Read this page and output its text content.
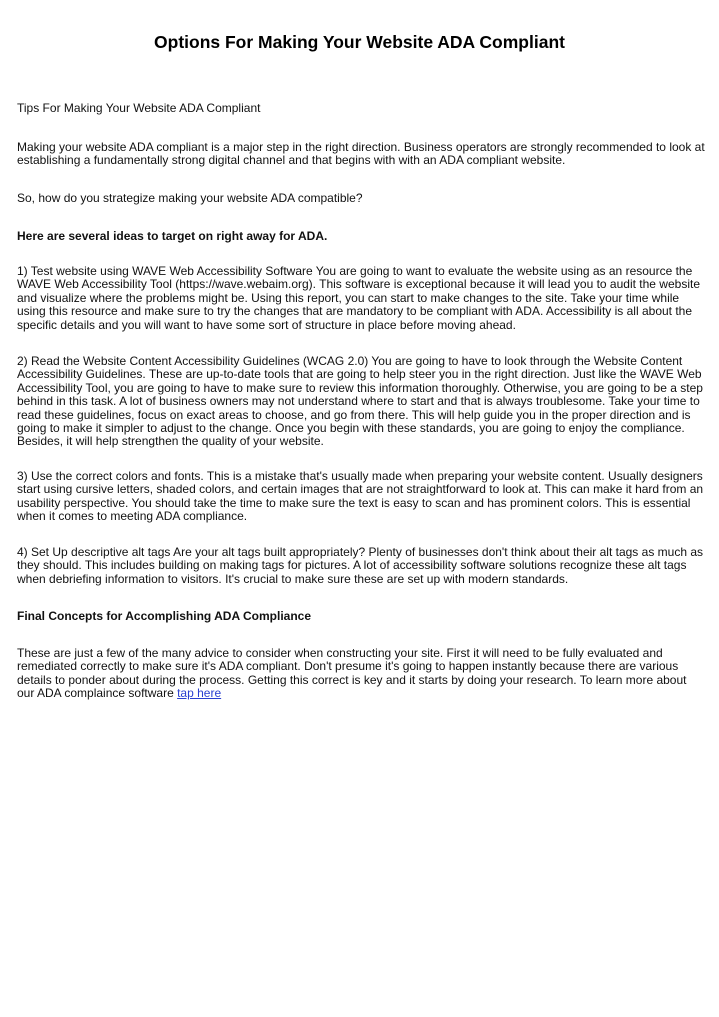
Options For Making Your Website ADA Compliant

Tips For Making Your Website ADA Compliant

Making your website ADA compliant is a major step in the right direction. Business operators are strongly recommended to look at establishing a fundamentally strong digital channel and that begins with with an ADA compliant website.

So, how do you strategize making your website ADA compatible?

Here are several ideas to target on right away for ADA.

1) Test website using WAVE Web Accessibility Software You are going to want to evaluate the website using as an resource the WAVE Web Accessibility Tool (https://wave.webaim.org). This software is exceptional because it will lead you to audit the website and visualize where the problems might be. Using this report, you can start to make changes to the site. Take your time while using this resource and make sure to try the changes that are mandatory to be compliant with ADA. Accessibility is all about the specific details and you will want to have some sort of structure in place before moving ahead.

2) Read the Website Content Accessibility Guidelines (WCAG 2.0) You are going to have to look through the Website Content Accessibility Guidelines. These are up-to-date tools that are going to help steer you in the right direction. Just like the WAVE Web Accessibility Tool, you are going to have to make sure to review this information thoroughly. Otherwise, you are going to be a step behind in this task. A lot of business owners may not understand where to start and that is always troublesome. Take your time to read these guidelines, focus on exact areas to choose, and go from there. This will help guide you in the proper direction and is going to make it simpler to adjust to the change. Once you begin with these standards, you are going to enjoy the compliance. Besides, it will help strengthen the quality of your website.

3) Use the correct colors and fonts. This is a mistake that's usually made when preparing your website content. Usually designers start using cursive letters, shaded colors, and certain images that are not straightforward to look at. This can make it hard from an usability perspective. You should take the time to make sure the text is easy to scan and has prominent colors. This is essential when it comes to meeting ADA compliance.

4) Set Up descriptive alt tags Are your alt tags built appropriately? Plenty of businesses don't think about their alt tags as much as they should. This includes building on making tags for pictures. A lot of accessibility software solutions recognize these alt tags when debriefing information to visitors. It's crucial to make sure these are set up with modern standards.

Final Concepts for Accomplishing ADA Compliance

These are just a few of the many advice to consider when constructing your site. First it will need to be fully evaluated and remediated correctly to make sure it's ADA compliant. Don't presume it's going to happen instantly because there are various details to ponder about during the process. Getting this correct is key and it starts by doing your research. To learn more about our ADA complaince software tap here
